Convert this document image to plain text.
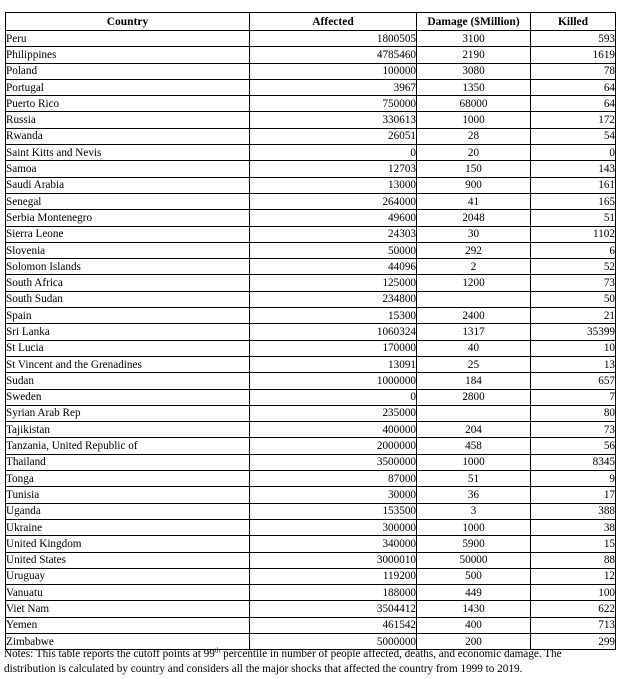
Country	Affected	Damage ($Million)	Killed
Peru	1800505	3100	593
Philippines	4785460	2190	1619
Poland	100000	3080	78
Portugal	3967	1350	64
Puerto Rico	750000	68000	64
Russia	330613	1000	172
Rwanda	26051	28	54
Saint Kitts and Nevis	0	20	0
Samoa	12703	150	143
Saudi Arabia	13000	900	161
Senegal	264000	41	165
Serbia Montenegro	49600	2048	51
Sierra Leone	24303	30	1102
Slovenia	50000	292	6
Solomon Islands	44096	2	52
South Africa	125000	1200	73
South Sudan	234800		50
Spain	15300	2400	21
Sri Lanka	1060324	1317	35399
St Lucia	170000	40	10
St Vincent and the Grenadines	13091	25	13
Sudan	1000000	184	657
Sweden	0	2800	7
Syrian Arab Rep	235000		80
Tajikistan	400000	204	73
Tanzania, United Republic of	2000000	458	56
Thailand	3500000	1000	8345
Tonga	87000	51	9
Tunisia	30000	36	17
Uganda	153500	3	388
Ukraine	300000	1000	38
United Kingdom	340000	5900	15
United States	3000010	50000	88
Uruguay	119200	500	12
Vanuatu	188000	449	100
Viet Nam	3504412	1430	622
Yemen	461542	400	713
Zimbabwe	5000000	200	299
Notes: This table reports the cutoff points at 99th percentile in number of people affected, deaths, and economic damage. The distribution is calculated by country and considers all the major shocks that affected the country from 1999 to 2019.
